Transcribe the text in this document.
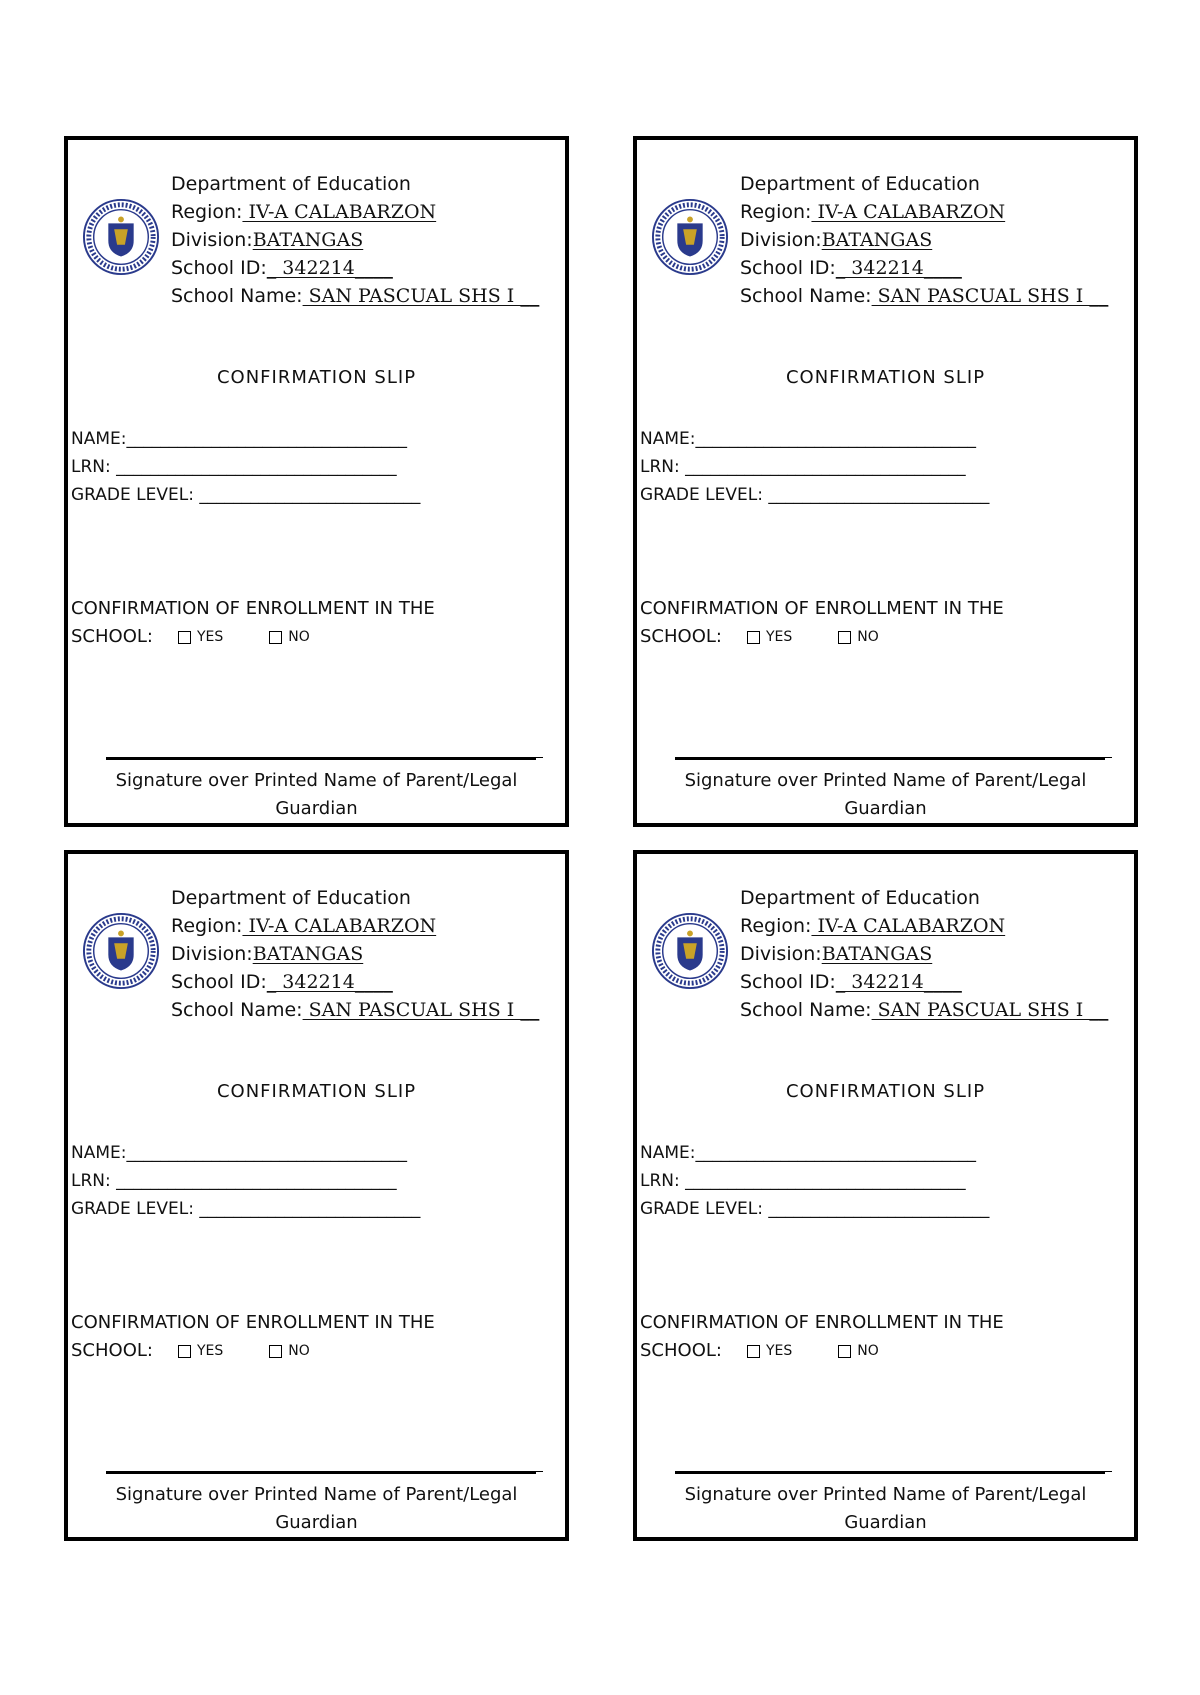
Department of Education
Region: IV-A CALABARZON
Division:BATANGAS
School ID:_ 342214____
School Name: SAN PASCUAL SHS I __
CONFIRMATION SLIP
NAME:_________________________________
LRN: _________________________________
GRADE LEVEL: __________________________
CONFIRMATION OF ENROLLMENT IN THE
SCHOOL:	YES	NO
Signature over Printed Name of Parent/Legal
Guardian
Department of Education
Region: IV-A CALABARZON
Division:BATANGAS
School ID:_ 342214____
School Name: SAN PASCUAL SHS I __
CONFIRMATION SLIP
NAME:_________________________________
LRN: _________________________________
GRADE LEVEL: __________________________
CONFIRMATION OF ENROLLMENT IN THE
SCHOOL:	YES	NO
Signature over Printed Name of Parent/Legal
Guardian
Department of Education
Region: IV-A CALABARZON
Division:BATANGAS
School ID:_ 342214____
School Name: SAN PASCUAL SHS I __
CONFIRMATION SLIP
NAME:_________________________________
LRN: _________________________________
GRADE LEVEL: __________________________
CONFIRMATION OF ENROLLMENT IN THE
SCHOOL:	YES	NO
Signature over Printed Name of Parent/Legal
Guardian
Department of Education
Region: IV-A CALABARZON
Division:BATANGAS
School ID:_ 342214____
School Name: SAN PASCUAL SHS I __
CONFIRMATION SLIP
NAME:_________________________________
LRN: _________________________________
GRADE LEVEL: __________________________
CONFIRMATION OF ENROLLMENT IN THE
SCHOOL:	YES	NO
Signature over Printed Name of Parent/Legal
Guardian
